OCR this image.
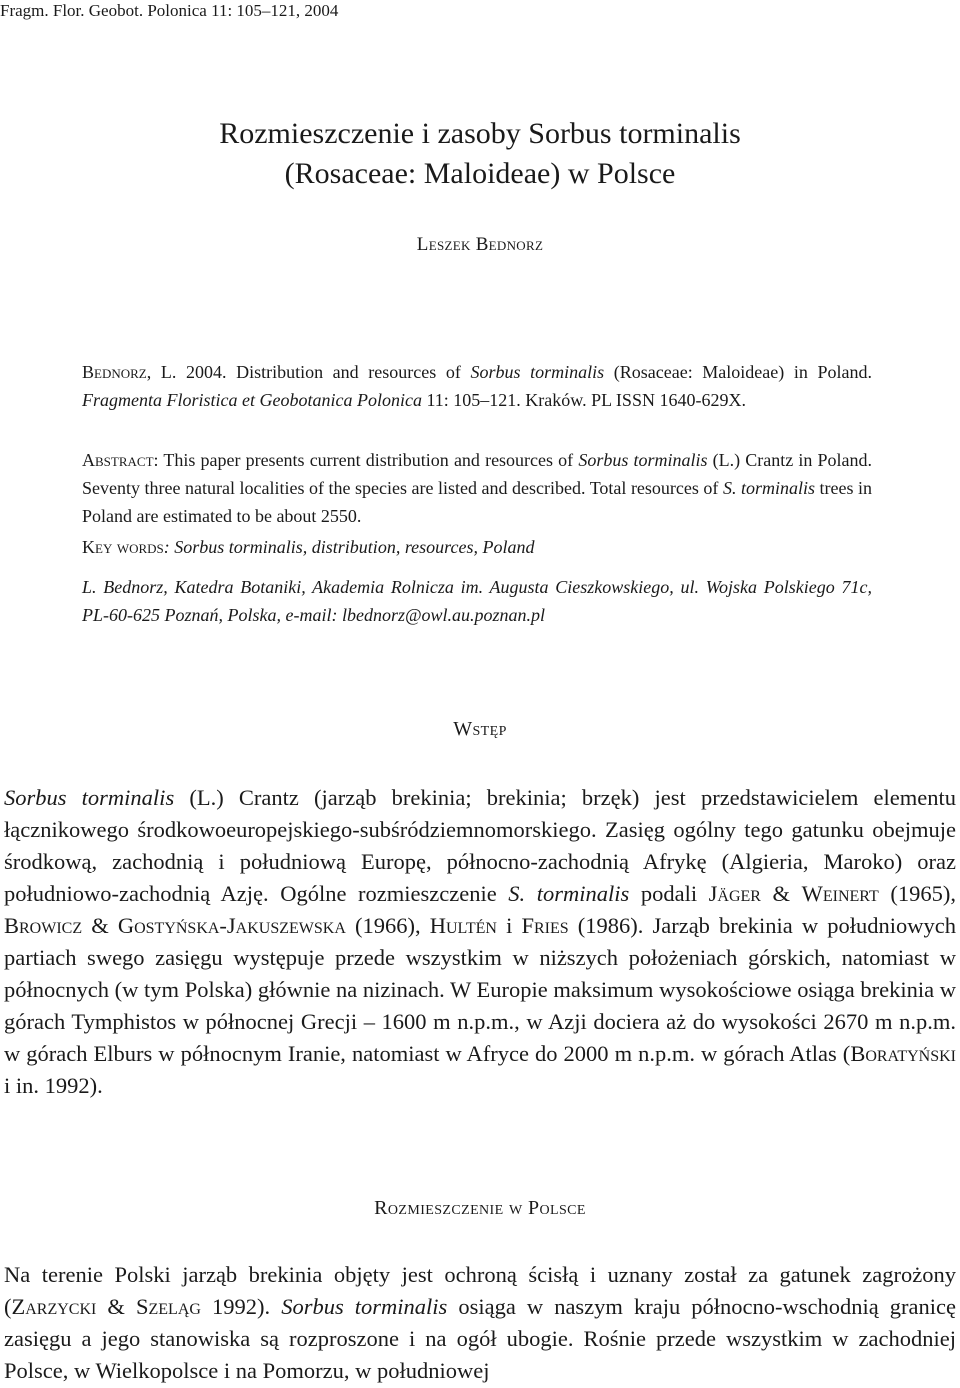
Fragm. Flor. Geobot. Polonica 11: 105–121, 2004
Rozmieszczenie i zasoby Sorbus torminalis
(Rosaceae: Maloideae) w Polsce
Leszek Bednorz

Bednorz, L. 2004. Distribution and resources of Sorbus torminalis (Rosaceae: Maloideae) in Poland. Fragmenta Floristica et Geobotanica Polonica 11: 105–121. Kraków. PL ISSN 1640-629X.

Abstract: This paper presents current distribution and resources of Sorbus torminalis (L.) Crantz in Poland. Seventy three natural localities of the species are listed and described. Total resources of S. torminalis trees in Poland are estimated to be about 2550.

Key words: Sorbus torminalis, distribution, resources, Poland

L. Bednorz, Katedra Botaniki, Akademia Rolnicza im. Augusta Cieszkowskiego, ul. Wojska Polskiego 71c, PL-60-625 Poznań, Polska, e-mail: lbednorz@owl.au.poznan.pl

Wstęp

Sorbus torminalis (L.) Crantz (jarząb brekinia; brekinia; brzęk) jest przedstawicielem elementu łącznikowego środkowoeuropejskiego-subśródziemnomorskiego. Zasięg ogólny tego gatunku obejmuje środkową, zachodnią i południową Europę, północno-zachodnią Afrykę (Algieria, Maroko) oraz południowo-zachodnią Azję. Ogólne rozmieszczenie S. torminalis podali Jäger & Weinert (1965), Browicz & Gostyńska-Jakuszewska (1966), Hultén i Fries (1986). Jarząb brekinia w południowych partiach swego zasięgu występuje przede wszystkim w niższych położeniach górskich, natomiast w północnych (w tym Polska) głównie na nizinach. W Europie maksimum wysokościowe osiąga brekinia w górach Tymphistos w północnej Grecji – 1600 m n.p.m., w Azji dociera aż do wysokości 2670 m n.p.m. w górach Elburs w północnym Iranie, natomiast w Afryce do 2000 m n.p.m. w górach Atlas (Boratyński i in. 1992).

Rozmieszczenie w Polsce

Na terenie Polski jarząb brekinia objęty jest ochroną ścisłą i uznany został za gatunek zagrożony (Zarzycki & Szeląg 1992). Sorbus torminalis osiąga w naszym kraju północno-wschodnią granicę zasięgu a jego stanowiska są rozproszone i na ogół ubogie. Rośnie przede wszystkim w zachodniej Polsce, w Wielkopolsce i na Pomorzu, w południowej
